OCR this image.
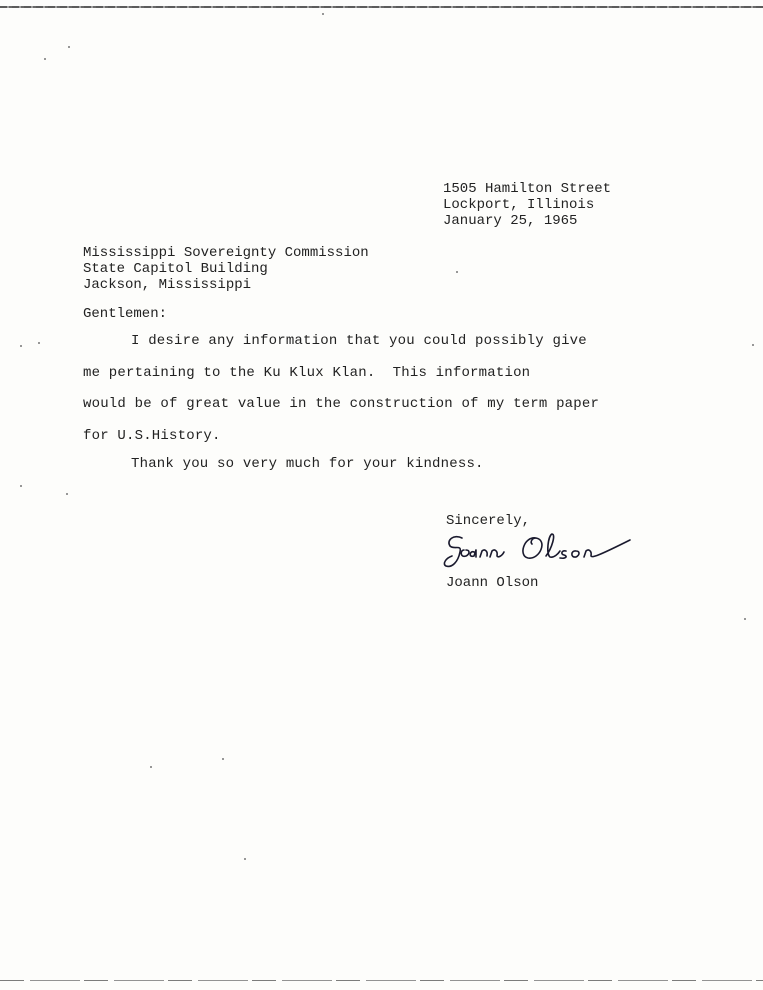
1505 Hamilton Street
Lockport, Illinois
January 25, 1965
Mississippi Sovereignty Commission
State Capitol Building
Jackson, Mississippi
Gentlemen:
I desire any information that you could possibly give
me pertaining to the Ku Klux Klan.  This information
would be of great value in the construction of my term paper
for U.S.History.
Thank you so very much for your kindness.
Sincerely,
Joann Olson
